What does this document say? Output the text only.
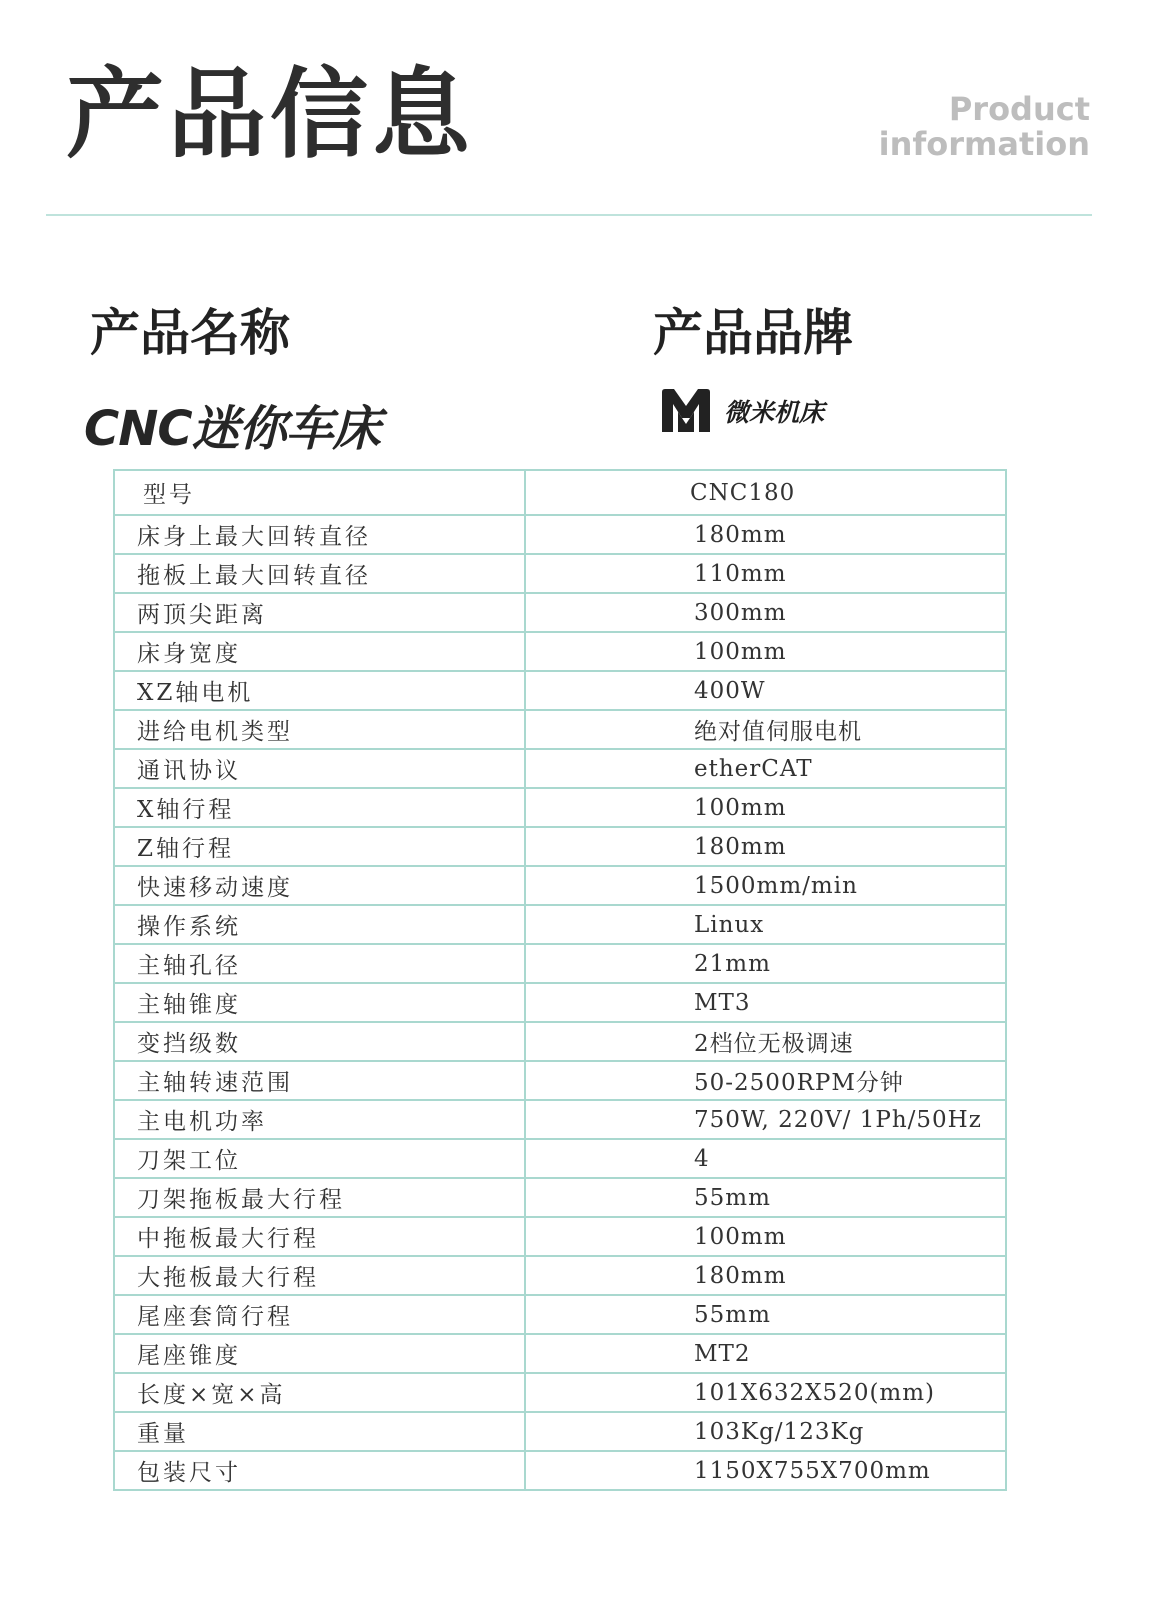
产品信息	Product
information
产品名称	产品品牌
CNC迷你车床	微米机床
型号	CNC180
床身上最大回转直径	180mm
拖板上最大回转直径	110mm
两顶尖距离	300mm
床身宽度	100mm
XZ轴电机	400W
进给电机类型	绝对值伺服电机
通讯协议	etherCAT
X轴行程	100mm
Z轴行程	180mm
快速移动速度	1500mm/min
操作系统	Linux
主轴孔径	21mm
主轴锥度	MT3
变挡级数	2档位无极调速
主轴转速范围	50-2500RPM分钟
主电机功率	750W, 220V/ 1Ph/50Hz
刀架工位	4
刀架拖板最大行程	55mm
中拖板最大行程	100mm
大拖板最大行程	180mm
尾座套筒行程	55mm
尾座锥度	MT2
长度×宽×高	101X632X520(mm)
重量	103Kg/123Kg
包装尺寸	1150X755X700mm
